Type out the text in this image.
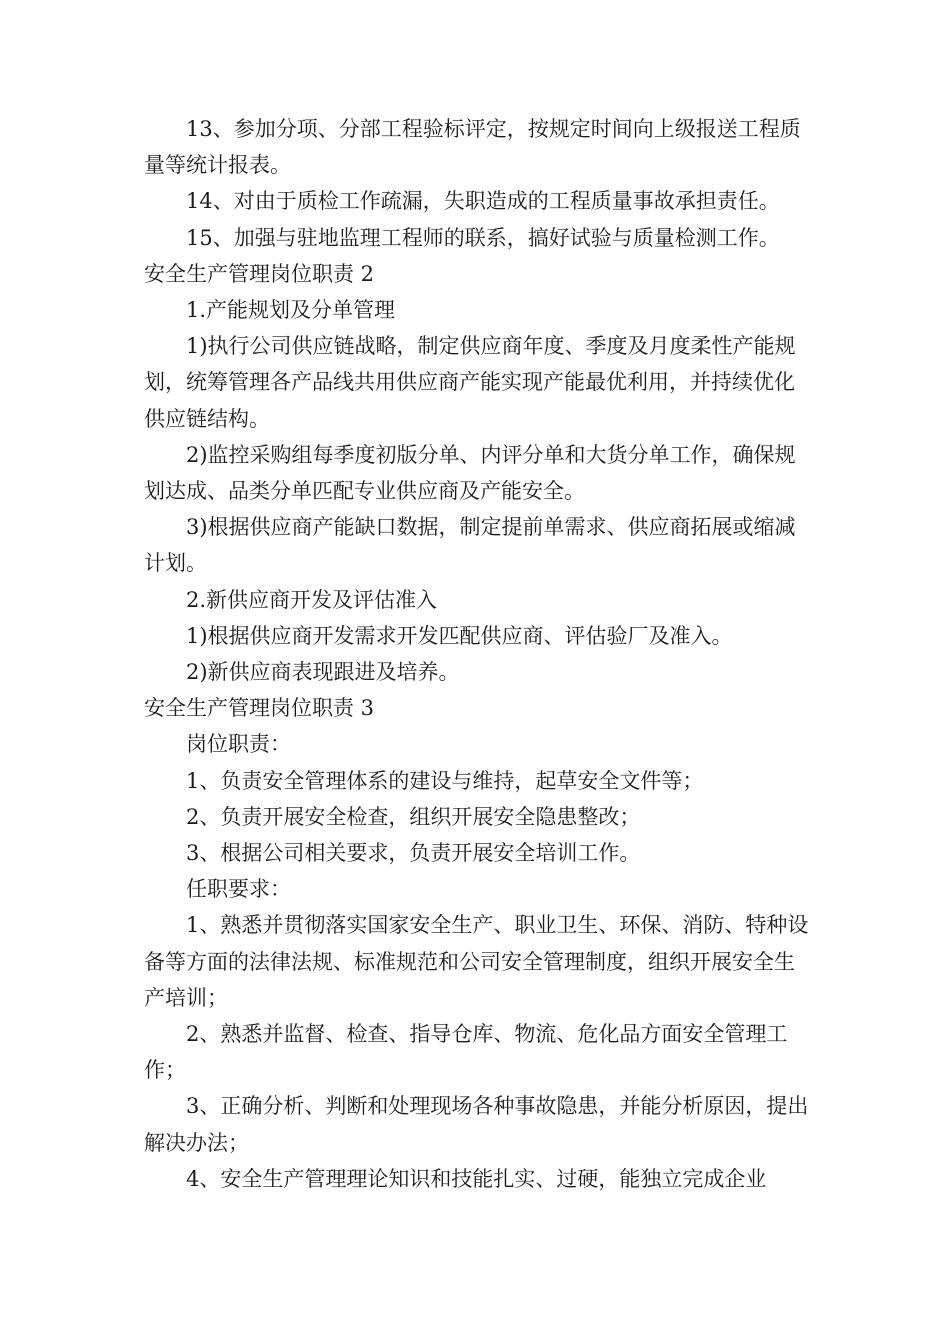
13、参加分项、分部工程验标评定，按规定时间向上级报送工程质量等统计报表。

14、对由于质检工作疏漏，失职造成的工程质量事故承担责任。

15、加强与驻地监理工程师的联系，搞好试验与质量检测工作。

安全生产管理岗位职责 2

1.产能规划及分单管理

1)执行公司供应链战略，制定供应商年度、季度及月度柔性产能规划，统筹管理各产品线共用供应商产能实现产能最优利用，并持续优化供应链结构。

2)监控采购组每季度初版分单、内评分单和大货分单工作，确保规划达成、品类分单匹配专业供应商及产能安全。

3)根据供应商产能缺口数据，制定提前单需求、供应商拓展或缩减计划。

2.新供应商开发及评估准入

1)根据供应商开发需求开发匹配供应商、评估验厂及准入。

2)新供应商表现跟进及培养。

安全生产管理岗位职责 3

岗位职责：

1、负责安全管理体系的建设与维持，起草安全文件等；

2、负责开展安全检查，组织开展安全隐患整改；

3、根据公司相关要求，负责开展安全培训工作。

任职要求：

1、熟悉并贯彻落实国家安全生产、职业卫生、环保、消防、特种设备等方面的法律法规、标准规范和公司安全管理制度，组织开展安全生产培训；

2、熟悉并监督、检查、指导仓库、物流、危化品方面安全管理工作；

3、正确分析、判断和处理现场各种事故隐患，并能分析原因，提出解决办法；

4、安全生产管理理论知识和技能扎实、过硬，能独立完成企业
